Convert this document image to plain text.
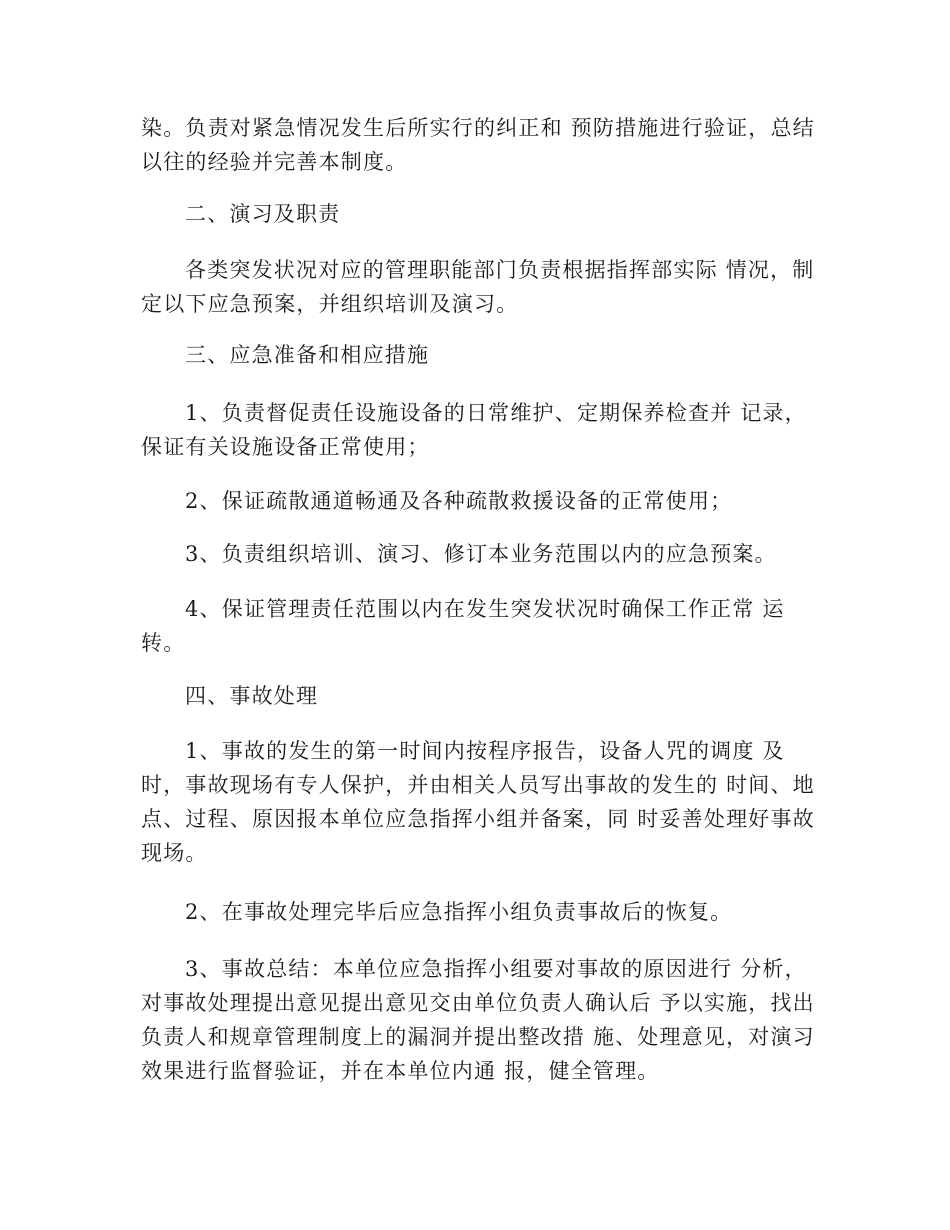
染。负责对紧急情况发生后所实行的纠正和 预防措施进行验证，总结
以往的经验并完善本制度。
二、演习及职责
各类突发状况对应的管理职能部门负责根据指挥部实际 情况，制
定以下应急预案，并组织培训及演习。
三、应急准备和相应措施
1、负责督促责任设施设备的日常维护、定期保养检查并 记录，
保证有关设施设备正常使用；
2、保证疏散通道畅通及各种疏散救援设备的正常使用；
3、负责组织培训、演习、修订本业务范围以内的应急预案。
4、保证管理责任范围以内在发生突发状况时确保工作正常 运
转。
四、事故处理
1、事故的发生的第一时间内按程序报告，设备人咒的调度 及
时，事故现场有专人保护，并由相关人员写出事故的发生的 时间、地
点、过程、原因报本单位应急指挥小组并备案，同 时妥善处理好事故
现场。
2、在事故处理完毕后应急指挥小组负责事故后的恢复。
3、事故总结：本单位应急指挥小组要对事故的原因进行 分析，
对事故处理提出意见提出意见交由单位负责人确认后 予以实施，找出
负责人和规章管理制度上的漏洞并提出整改措 施、处理意见，对演习
效果进行监督验证，并在本单位内通 报，健全管理。
